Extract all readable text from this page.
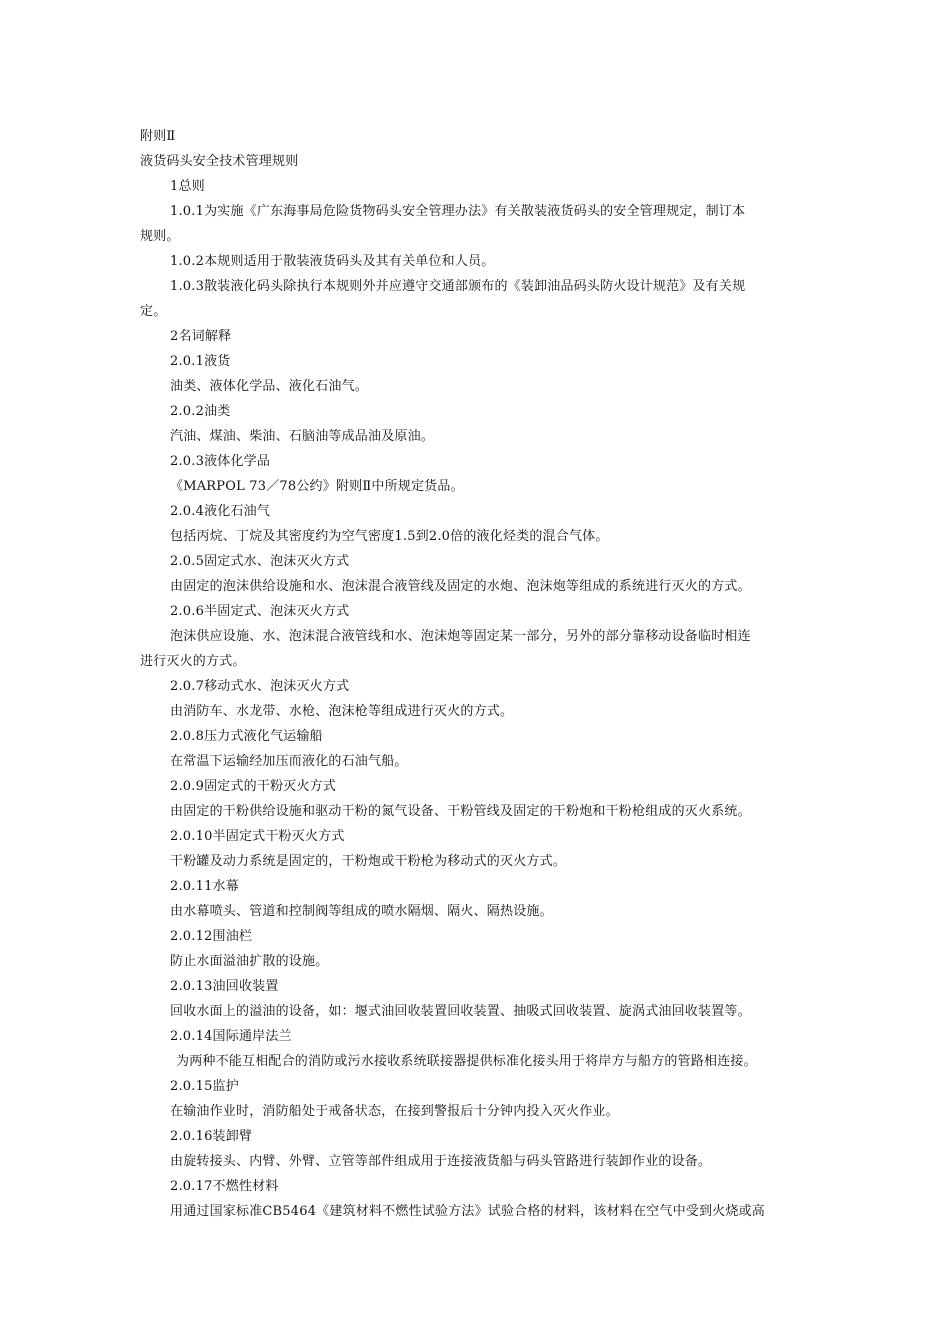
附则Ⅱ
液货码头安全技术管理规则
1总则
1.0.1为实施《广东海事局危险货物码头安全管理办法》有关散装液货码头的安全管理规定，制订本
规则。
1.0.2本规则适用于散装液货码头及其有关单位和人员。
1.0.3散装液化码头除执行本规则外并应遵守交通部颁布的《装卸油品码头防火设计规范》及有关规
定。
2名词解释
2.0.1液货
油类、液体化学品、液化石油气。
2.0.2油类
汽油、煤油、柴油、石脑油等成品油及原油。
2.0.3液体化学品
《MARPOL 73／78公约》附则Ⅱ中所规定货品。
2.0.4液化石油气
包括丙烷、丁烷及其密度约为空气密度1.5到2.0倍的液化烃类的混合气体。
2.0.5固定式水、泡沫灭火方式
由固定的泡沫供给设施和水、泡沫混合液管线及固定的水炮、泡沫炮等组成的系统进行灭火的方式。
2.0.6半固定式、泡沫灭火方式
泡沫供应设施、水、泡沫混合液管线和水、泡沫炮等固定某一部分，另外的部分靠移动设备临时相连
进行灭火的方式。
2.0.7移动式水、泡沫灭火方式
由消防车、水龙带、水枪、泡沫枪等组成进行灭火的方式。
2.0.8压力式液化气运输船
在常温下运输经加压而液化的石油气船。
2.0.9固定式的干粉灭火方式
由固定的干粉供给设施和驱动干粉的氮气设备、干粉管线及固定的干粉炮和干粉枪组成的灭火系统。
2.0.10半固定式干粉灭火方式
干粉罐及动力系统是固定的，干粉炮或干粉枪为移动式的灭火方式。
2.0.11水幕
由水幕喷头、管道和控制阀等组成的喷水隔烟、隔火、隔热设施。
2.0.12围油栏
防止水面溢油扩散的设施。
2.0.13油回收装置
回收水面上的溢油的设备，如：堰式油回收装置回收装置、抽吸式回收装置、旋涡式油回收装置等。
2.0.14国际通岸法兰
为两种不能互相配合的消防或污水接收系统联接器提供标准化接头用于将岸方与船方的管路相连接。
2.0.15监护
在输油作业时，消防船处于戒备状态，在接到警报后十分钟内投入灭火作业。
2.0.16装卸臂
由旋转接头、内臂、外臂、立管等部件组成用于连接液货船与码头管路进行装卸作业的设备。
2.0.17不燃性材料
用通过国家标准CB5464《建筑材料不燃性试验方法》试验合格的材料，该材料在空气中受到火烧或高
